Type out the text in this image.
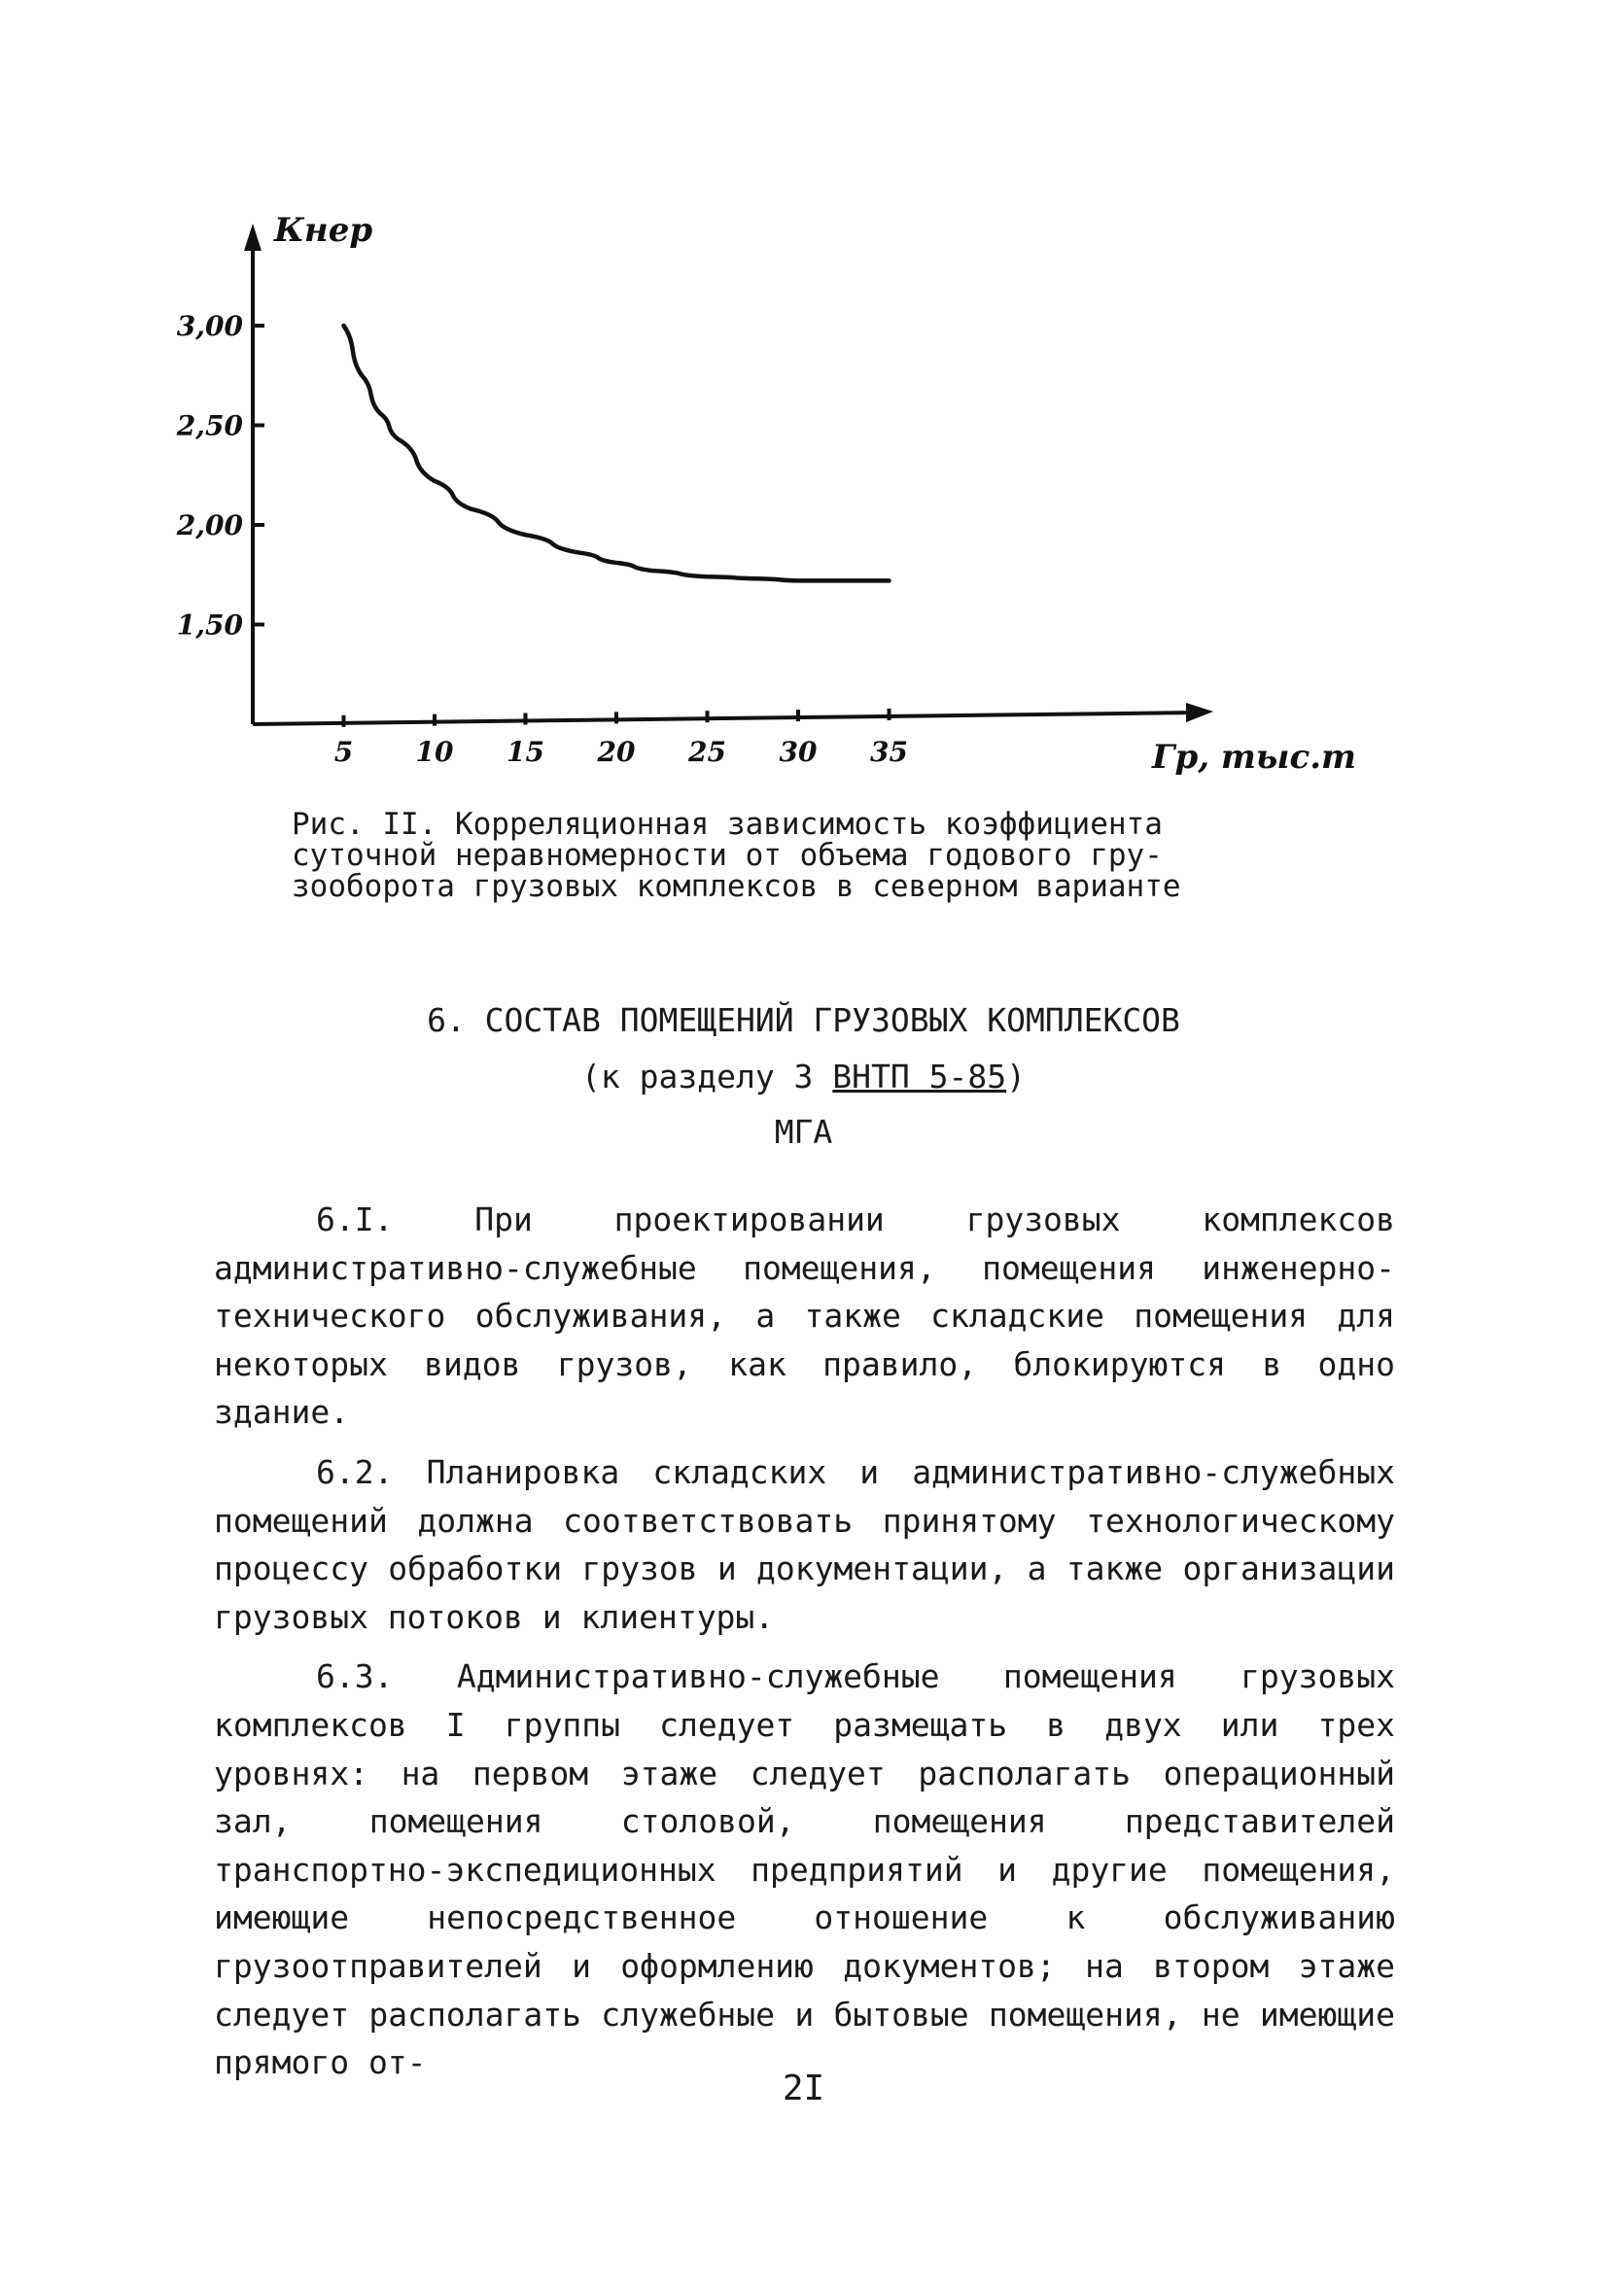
1,50
2,00
2,50
3,00
5 10 15 20 25 30 35
Кнер
Гр, тыс.т
Рис. II. Корреляционная зависимость коэффициента
суточной неравномерности от объема годового гру-
зооборота грузовых комплексов в северном варианте
6. СОСТАВ ПОМЕЩЕНИЙ ГРУЗОВЫХ КОМПЛЕКСОВ
(к разделу 3 ВНТП 5-85)
МГА

6.I. При проектировании грузовых комплексов административно-служебные помещения, помещения инженерно-технического обслуживания, а также складские помещения для некоторых видов грузов, как правило, блокируются в одно здание.

6.2. Планировка складских и административно-служебных помещений должна соответствовать принятому технологическому процессу обработки грузов и документации, а также организации грузовых потоков и клиентуры.

6.3. Административно-служебные помещения грузовых комплексов I группы следует размещать в двух или трех уровнях: на первом этаже следует располагать операционный зал, помещения столовой, помещения представителей транспортно-экспедиционных предприятий и другие помещения, имеющие непосредственное отношение к обслуживанию грузоотправителей и оформлению документов; на втором этаже следует располагать служебные и бытовые помещения, не имеющие прямого от-

2I
